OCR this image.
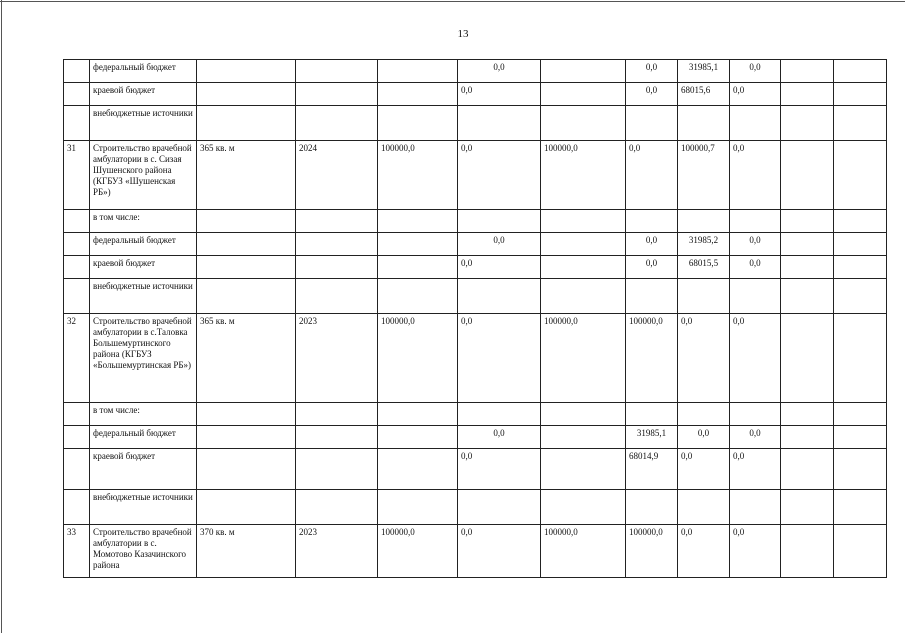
13
	федеральный бюджет				0,0		0,0	31985,1	0,0		
	краевой бюджет				0,0		0,0	68015,6	0,0		
	внебюджетные источники										
31	Строительство врачебной амбулатории в с. Сизая Шушенского района (КГБУЗ «Шушенская РБ»)	365 кв. м	2024	100000,0	0,0	100000,0	0,0	100000,7	0,0		
	в том числе:										
	федеральный бюджет				0,0		0,0	31985,2	0,0		
	краевой бюджет				0,0		0,0	68015,5	0,0		
	внебюджетные источники										
32	Строительство врачебной амбулатории в с.Таловка Большемуртинского района (КГБУЗ «Большемуртинская РБ»)	365 кв. м	2023	100000,0	0,0	100000,0	100000,0	0,0	0,0		
	в том числе:										
	федеральный бюджет				0,0		31985,1	0,0	0,0		
	краевой бюджет				0,0		68014,9	0,0	0,0		
	внебюджетные источники										
33	Строительство врачебной амбулатории в с. Момотово Казачинского района	370 кв. м	2023	100000,0	0,0	100000,0	100000,0	0,0	0,0		
